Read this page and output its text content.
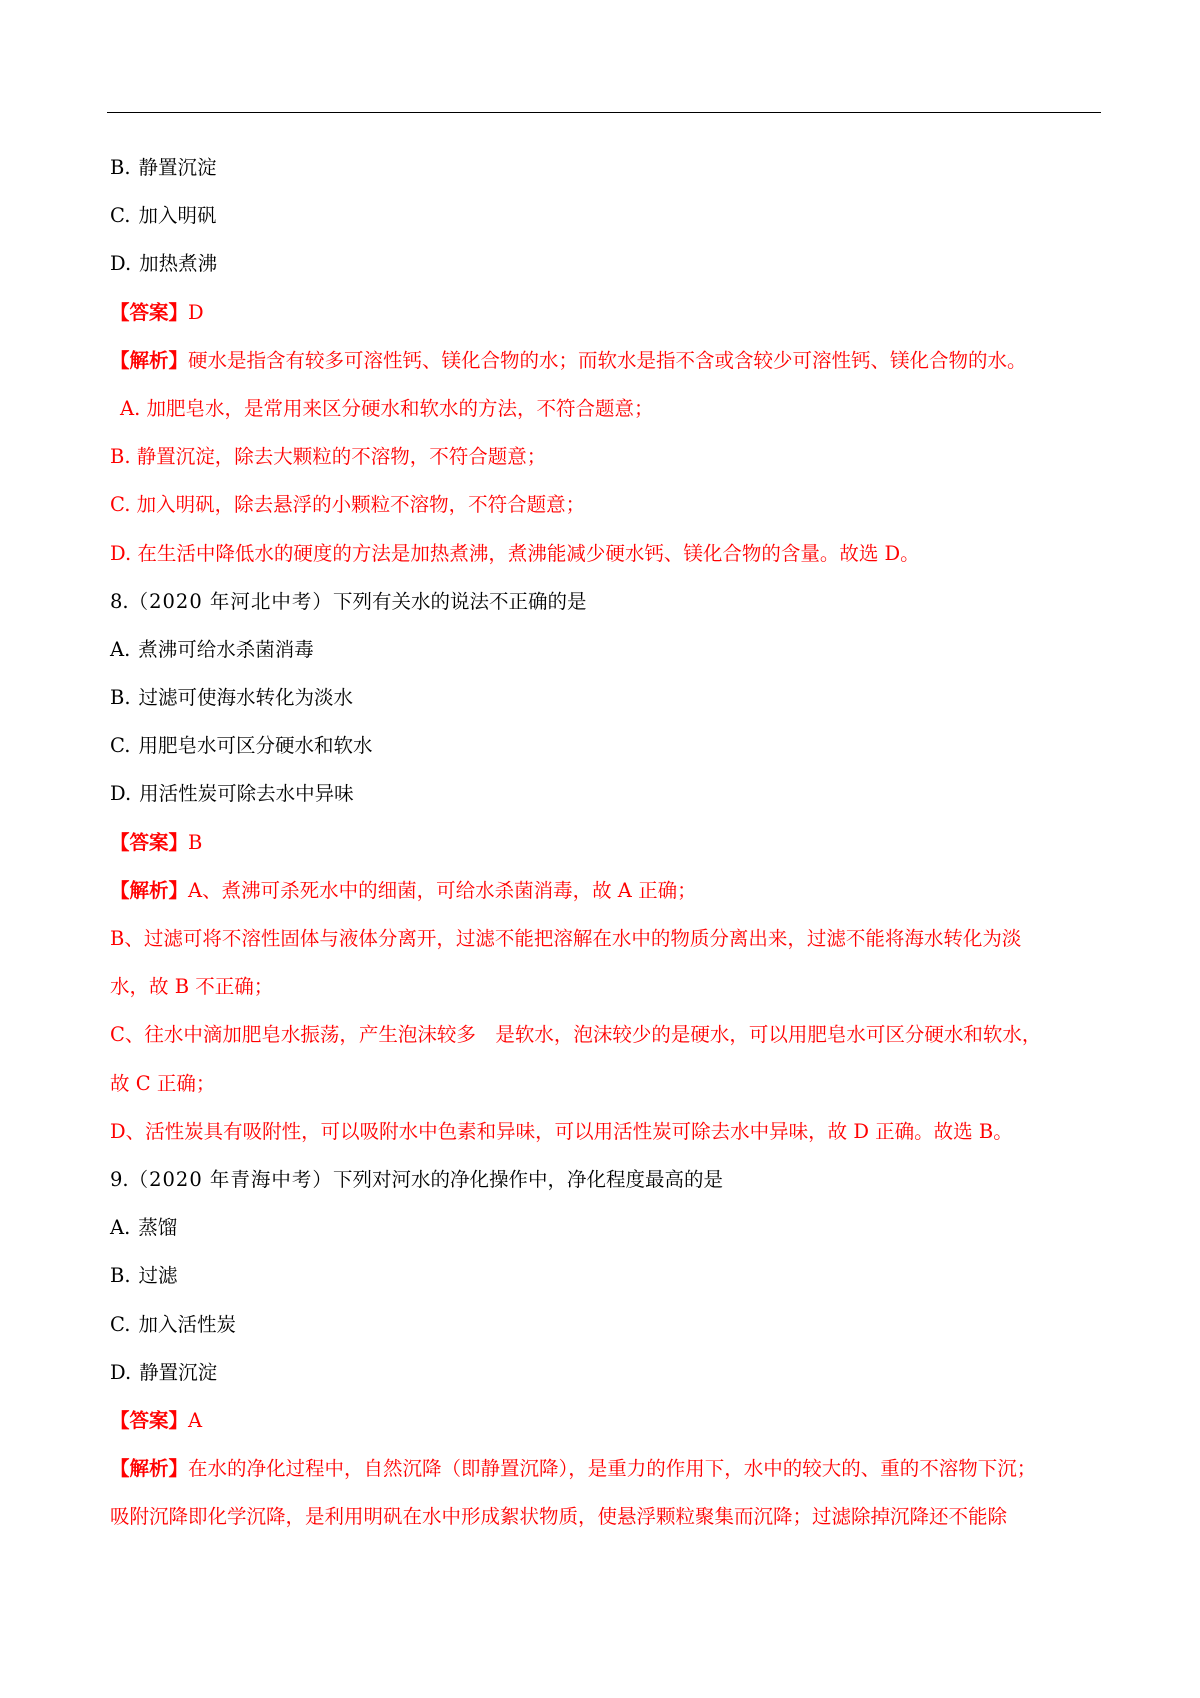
B. 静置沉淀
C. 加入明矾
D. 加热煮沸
【答案】D
【解析】硬水是指含有较多可溶性钙、镁化合物的水；而软水是指不含或含较少可溶性钙、镁化合物的水。
A. 加肥皂水，是常用来区分硬水和软水的方法，不符合题意；
B. 静置沉淀，除去大颗粒的不溶物，不符合题意；
C. 加入明矾，除去悬浮的小颗粒不溶物，不符合题意；
D. 在生活中降低水的硬度的方法是加热煮沸，煮沸能减少硬水钙、镁化合物的含量。故选 D。
8.（2020 年河北中考）下列有关水的说法不正确的是
A. 煮沸可给水杀菌消毒
B. 过滤可使海水转化为淡水
C. 用肥皂水可区分硬水和软水
D. 用活性炭可除去水中异味
【答案】B
【解析】A、煮沸可杀死水中的细菌，可给水杀菌消毒，故 A 正确；
B、过滤可将不溶性固体与液体分离开，过滤不能把溶解在水中的物质分离出来，过滤不能将海水转化为淡
水，故 B 不正确；
C、往水中滴加肥皂水振荡，产生泡沫较多　是软水，泡沫较少的是硬水，可以用肥皂水可区分硬水和软水，
故 C 正确；
D、活性炭具有吸附性，可以吸附水中色素和异味，可以用活性炭可除去水中异味，故 D 正确。故选 B。
9.（2020 年青海中考）下列对河水的净化操作中，净化程度最高的是
A. 蒸馏
B. 过滤
C. 加入活性炭
D. 静置沉淀
【答案】A
【解析】在水的净化过程中，自然沉降（即静置沉降），是重力的作用下，水中的较大的、重的不溶物下沉；
吸附沉降即化学沉降，是利用明矾在水中形成絮状物质，使悬浮颗粒聚集而沉降；过滤除掉沉降还不能除
